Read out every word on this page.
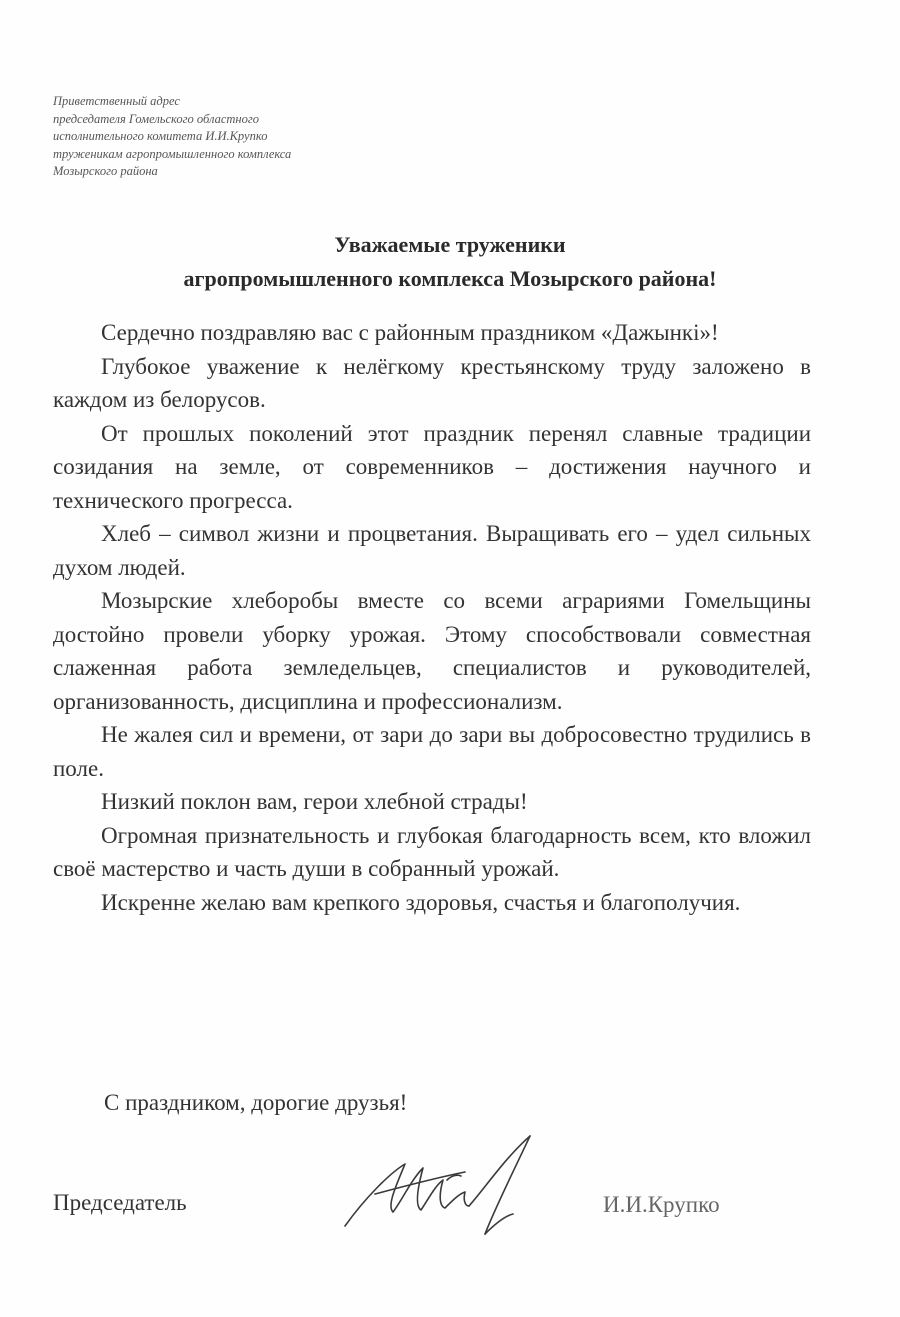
Приветственный адрес
председателя Гомельского областного
исполнительного комитета И.И.Крупко
труженикам агропромышленного комплекса
Мозырского района
Уважаемые труженики
агропромышленного комплекса Мозырского района!

Сердечно поздравляю вас с районным праздником «Дажынкі»!

Глубокое уважение к нелёгкому крестьянскому труду заложено в каждом из белорусов.

От прошлых поколений этот праздник перенял славные традиции созидания на земле, от современников – достижения научного и технического прогресса.

Хлеб – символ жизни и процветания. Выращивать его – удел сильных духом людей.

Мозырские хлеборобы вместе со всеми аграриями Гомельщины достойно провели уборку урожая. Этому способствовали совместная слаженная работа земледельцев, специалистов и руководителей, организованность, дисциплина и профессионализм.

Не жалея сил и времени, от зари до зари вы добросовестно трудились в поле.

Низкий поклон вам, герои хлебной страды!

Огромная признательность и глубокая благодарность всем, кто вложил своё мастерство и часть души в собранный урожай.

Искренне желаю вам крепкого здоровья, счастья и благополучия.

С праздником, дорогие друзья!
Председатель	И.И.Крупко
